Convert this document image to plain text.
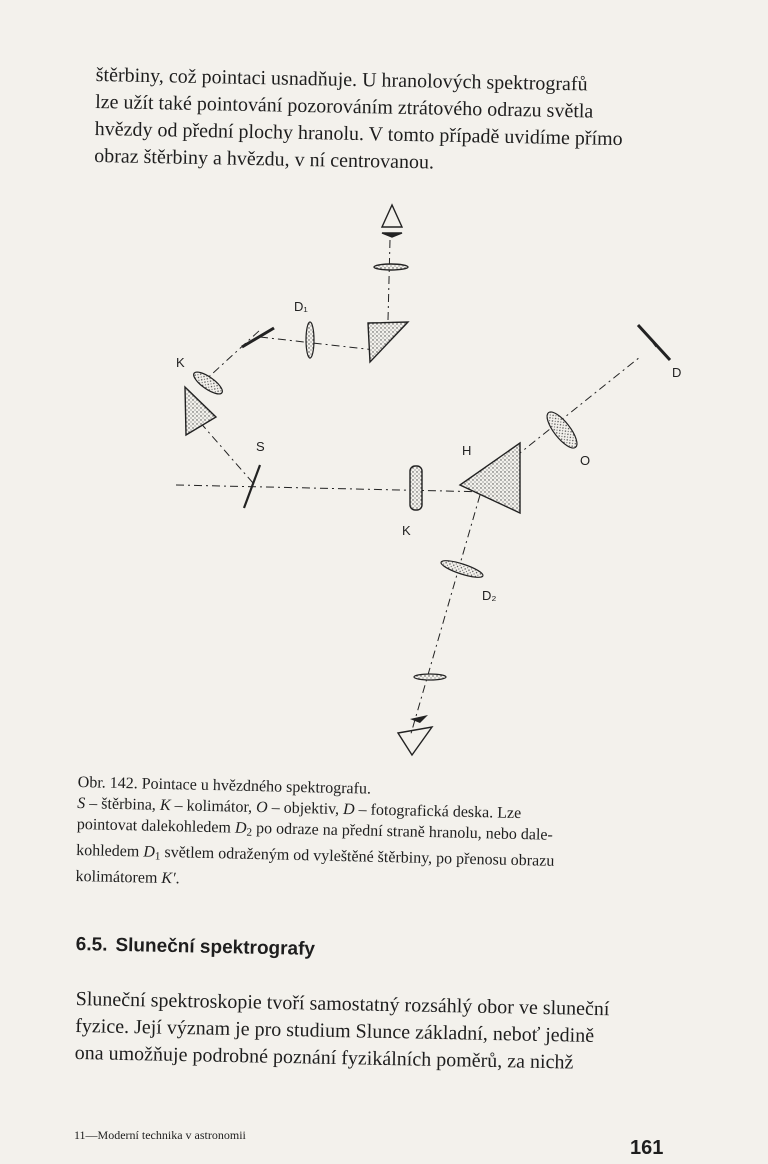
štěrbiny, což pointaci usnadňuje. U hranolových spektrografů
lze užít také pointování pozorováním ztrátového odrazu světla
hvězdy od přední plochy hranolu. V tomto případě uvidíme přímo
obraz štěrbiny a hvězdu, v ní centrovanou.
D₁
K
D
S	H
O
K
D₂
Obr. 142. Pointace u hvězdného spektrografu.
S – štěrbina, K – kolimátor, O – objektiv, D – fotografická deska. Lze
pointovat dalekohledem $D_2$ po odraze na přední straně hranolu, nebo dale-
kohledem $D_1$ světlem odraženým od vyleštěné štěrbiny, po přenosu obrazu
kolimátorem K′.
6.5. Sluneční spektrografy
Sluneční spektroskopie tvoří samostatný rozsáhlý obor ve sluneční
fyzice. Její význam je pro studium Slunce základní, neboť jedině
ona umožňuje podrobné poznání fyzikálních poměrů, za nichž
11—Moderní technika v astronomii
161
